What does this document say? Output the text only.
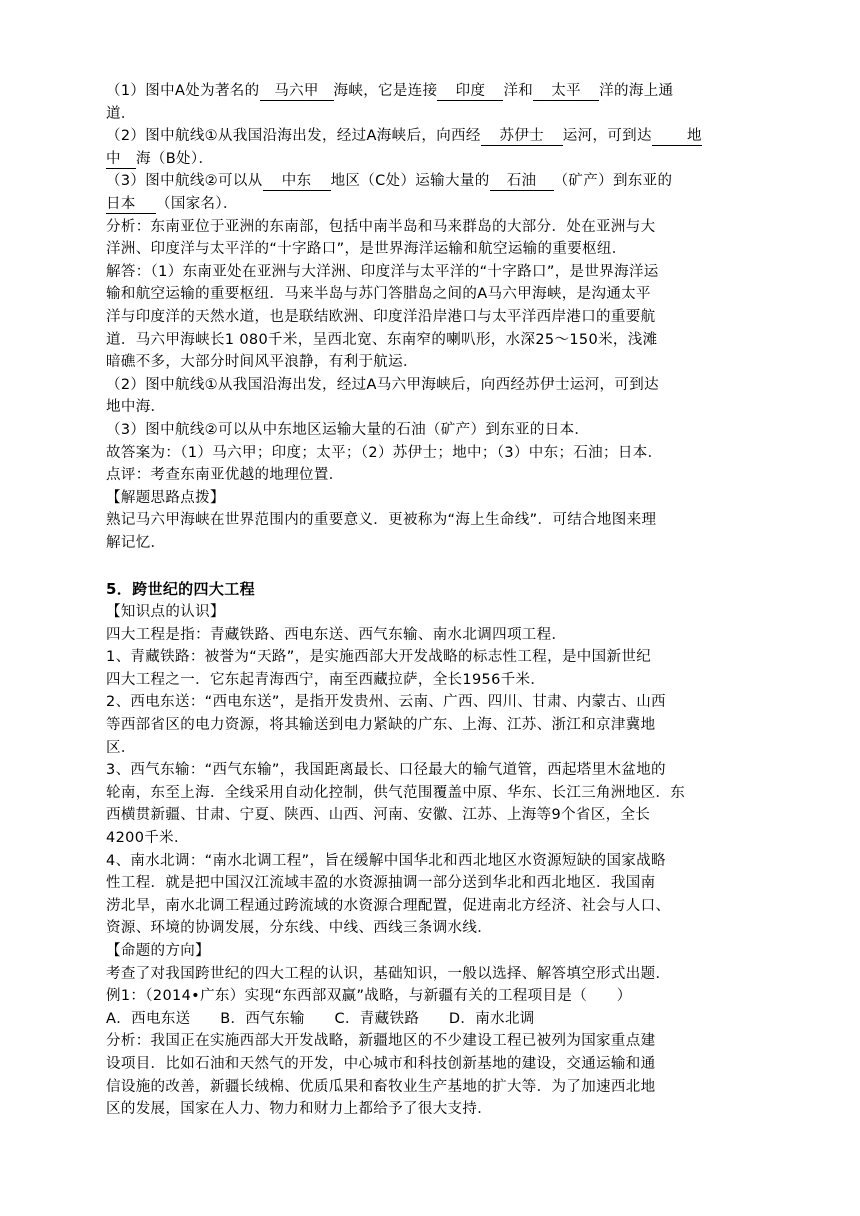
（1）图中A处为著名的 马六甲 海峡，它是连接 印度 洋和 太平 洋的海上通
道．
（2）图中航线①从我国沿海出发，经过A海峡后，向西经 苏伊士 运河，可到达 地
中 海（B处）．
（3）图中航线②可以从 中东 地区（C处）运输大量的 石油 （矿产）到东亚的
日本 （国家名）．
分析：东南亚位于亚洲的东南部，包括中南半岛和马来群岛的大部分．处在亚洲与大
洋洲、印度洋与太平洋的“十字路口”，是世界海洋运输和航空运输的重要枢纽．
解答：（1）东南亚处在亚洲与大洋洲、印度洋与太平洋的“十字路口”，是世界海洋运
输和航空运输的重要枢纽．马来半岛与苏门答腊岛之间的A马六甲海峡，是沟通太平
洋与印度洋的天然水道，也是联结欧洲、印度洋沿岸港口与太平洋西岸港口的重要航
道．马六甲海峡长1 080千米，呈西北宽、东南窄的喇叭形，水深25～150米，浅滩
暗礁不多，大部分时间风平浪静，有利于航运．
（2）图中航线①从我国沿海出发，经过A马六甲海峡后，向西经苏伊士运河，可到达
地中海．
（3）图中航线②可以从中东地区运输大量的石油（矿产）到东亚的日本．
故答案为：（1）马六甲；印度；太平；（2）苏伊士；地中；（3）中东；石油；日本．
点评：考查东南亚优越的地理位置．
【解题思路点拨】
熟记马六甲海峡在世界范围内的重要意义．更被称为“海上生命线”．可结合地图来理
解记忆．
5．跨世纪的四大工程
【知识点的认识】
四大工程是指：青藏铁路、西电东送、西气东输、南水北调四项工程．
1、青藏铁路：被誉为“天路”，是实施西部大开发战略的标志性工程，是中国新世纪
四大工程之一．它东起青海西宁，南至西藏拉萨，全长1956千米．
2、西电东送：“西电东送”，是指开发贵州、云南、广西、四川、甘肃、内蒙古、山西
等西部省区的电力资源，将其输送到电力紧缺的广东、上海、江苏、浙江和京津冀地
区．
3、西气东输：“西气东输”，我国距离最长、口径最大的输气道管，西起塔里木盆地的
轮南，东至上海．全线采用自动化控制，供气范围覆盖中原、华东、长江三角洲地区．东
西横贯新疆、甘肃、宁夏、陕西、山西、河南、安徽、江苏、上海等9个省区，全长
4200千米．
4、南水北调：“南水北调工程”，旨在缓解中国华北和西北地区水资源短缺的国家战略
性工程．就是把中国汉江流域丰盈的水资源抽调一部分送到华北和西北地区．我国南
涝北旱，南水北调工程通过跨流域的水资源合理配置，促进南北方经济、社会与人口、
资源、环境的协调发展，分东线、中线、西线三条调水线．
【命题的方向】
考查了对我国跨世纪的四大工程的认识，基础知识，一般以选择、解答填空形式出题．
例1：（2014•广东）实现“东西部双赢”战略，与新疆有关的工程项目是（　　）
A．西电东送　　B．西气东输　　C．青藏铁路　　D．南水北调
分析：我国正在实施西部大开发战略，新疆地区的不少建设工程已被列为国家重点建
设项目．比如石油和天然气的开发，中心城市和科技创新基地的建设，交通运输和通
信设施的改善，新疆长绒棉、优质瓜果和畜牧业生产基地的扩大等．为了加速西北地
区的发展，国家在人力、物力和财力上都给予了很大支持．
